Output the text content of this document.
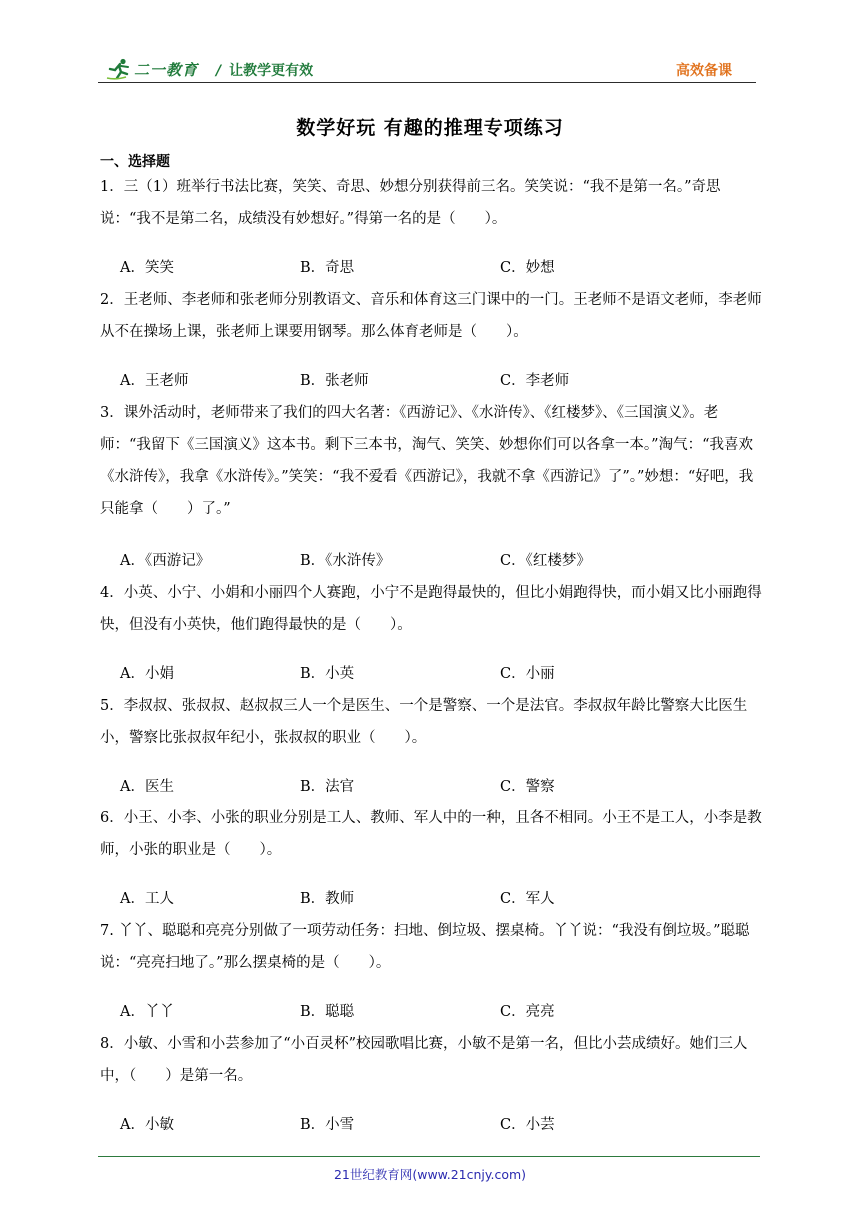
二一教育 / 让教学更有效	高效备课
数学好玩 有趣的推理专项练习
一、选择题
1．三（1）班举行书法比赛，笑笑、奇思、妙想分别获得前三名。笑笑说：“我不是第一名。”奇思说：“我不是第二名，成绩没有妙想好。”得第一名的是（　　）。
A．笑笑	B．奇思	C．妙想
2．王老师、李老师和张老师分别教语文、音乐和体育这三门课中的一门。王老师不是语文老师，李老师从不在操场上课，张老师上课要用钢琴。那么体育老师是（　　）。
A．王老师	B．张老师	C．李老师
3．课外活动时，老师带来了我们的四大名著：《西游记》、《水浒传》、《红楼梦》、《三国演义》。老师：“我留下《三国演义》这本书。剩下三本书，淘气、笑笑、妙想你们可以各拿一本。”淘气：“我喜欢《水浒传》，我拿《水浒传》。”笑笑：“我不爱看《西游记》，我就不拿《西游记》了”。”妙想：“好吧，我只能拿（　　）了。”
A．《西游记》	B．《水浒传》	C．《红楼梦》
4．小英、小宁、小娟和小丽四个人赛跑，小宁不是跑得最快的，但比小娟跑得快，而小娟又比小丽跑得快，但没有小英快，他们跑得最快的是（　　）。
A．小娟	B．小英	C．小丽
5．李叔叔、张叔叔、赵叔叔三人一个是医生、一个是警察、一个是法官。李叔叔年龄比警察大比医生小，警察比张叔叔年纪小，张叔叔的职业（　　）。
A．医生	B．法官	C．警察
6．小王、小李、小张的职业分别是工人、教师、军人中的一种，且各不相同。小王不是工人，小李是教师，小张的职业是（　　）。
A．工人	B．教师	C．军人
7. 丫丫、聪聪和亮亮分别做了一项劳动任务：扫地、倒垃圾、摆桌椅。丫丫说：“我没有倒垃圾。”聪聪说：“亮亮扫地了。”那么摆桌椅的是（　　）。
A．丫丫	B．聪聪	C．亮亮
8．小敏、小雪和小芸参加了“小百灵杯”校园歌唱比赛，小敏不是第一名，但比小芸成绩好。她们三人中，（　　）是第一名。
A．小敏	B．小雪	C．小芸
21世纪教育网(www.21cnjy.com)
